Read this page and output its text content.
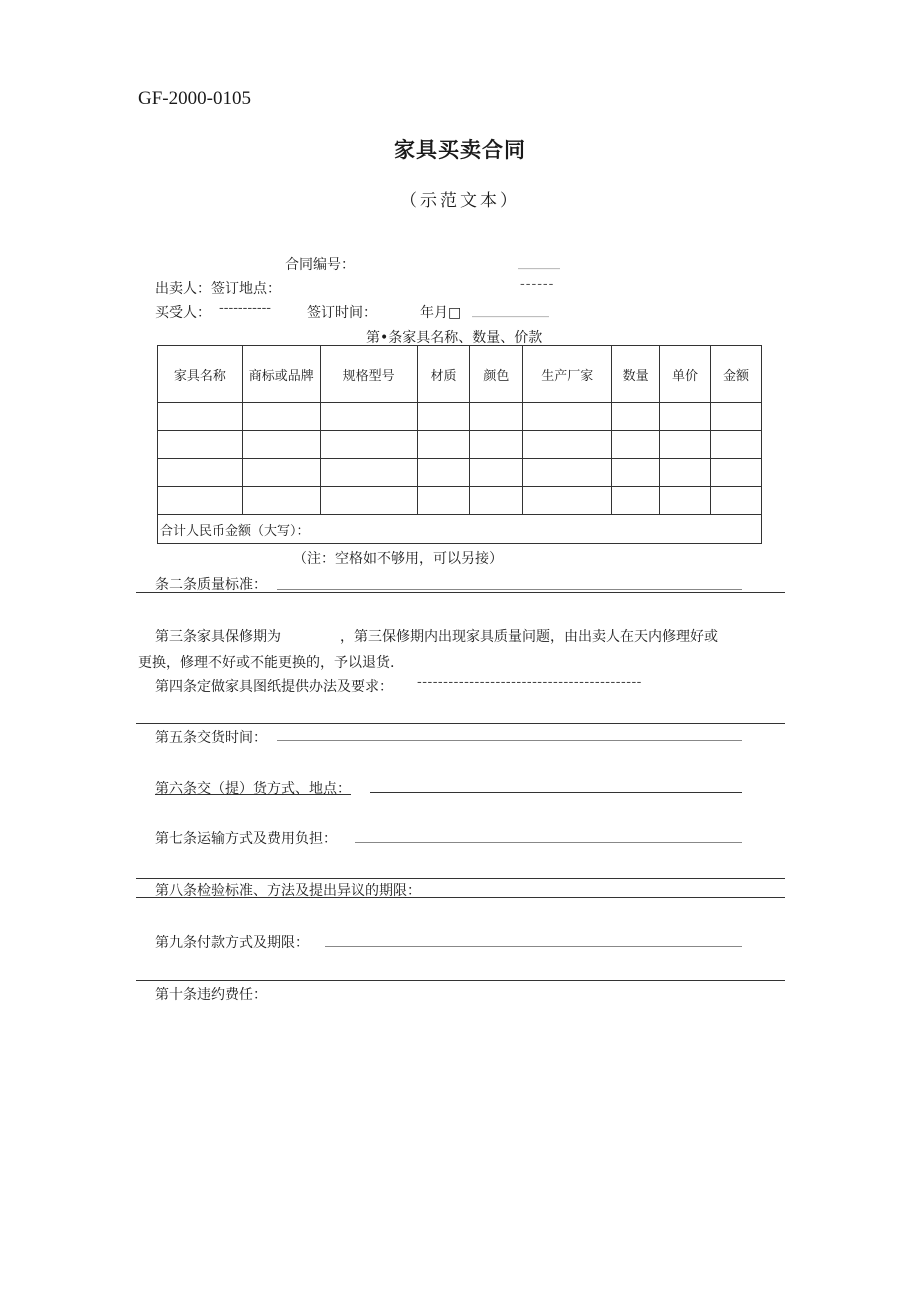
GF-2000-0105
家具买卖合同
（示范文本）
合同编号：	______
出卖人：签订地点：	------
买受人： -----------	签订时间：	年月□ ___________
第•条家具名称、数量、价款
家具名称	商标或品牌	规格型号	材质	颜色	生产厂家	数量	单价	金额

合计人民币金额（大写）：								
（注：空格如不够用，可以另接）
条二条质量标准：
第三条家具保修期为	，第三保修期内出现家具质量问题，由出卖人在天内修理好或
更换，修理不好或不能更换的，予以退货.
第四条定做家具图纸提供办法及要求： -------------------------------------------
第五条交货时间：
第六条交（提）货方式、地点：
第七条运输方式及费用负担：
第八条检验标准、方法及提出异议的期限：
第九条付款方式及期限：
第十条违约费任：
